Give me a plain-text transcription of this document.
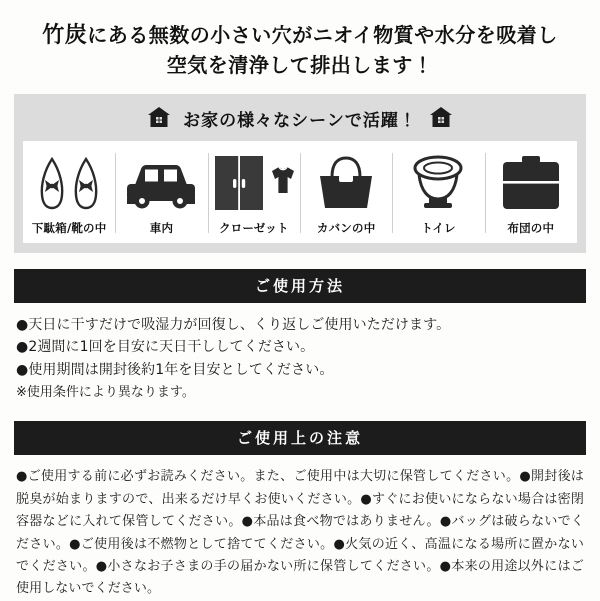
竹炭にある無数の小さい穴がニオイ物質や水分を吸着し
空気を清浄して排出します！
お家の様々なシーンで活躍！
下駄箱/靴の中	車内	クローゼット カバンの中	トイレ	布団の中
ご使用方法
●天日に干すだけで吸湿力が回復し、くり返しご使用いただけます。
●2週間に1回を目安に天日干ししてください。
●使用期間は開封後約1年を目安としてください。
※使用条件により異なります。
ご使用上の注意
●ご使用する前に必ずお読みください。また、ご使用中は大切に保管してください。●開封後は脱臭が始まりますので、出来るだけ早くお使いください。●すぐにお使いにならない場合は密閉容器などに入れて保管してください。●本品は食べ物ではありません。●バッグは破らないでください。●ご使用後は不燃物として捨ててください。●火気の近く、高温になる場所に置かないでください。●小さなお子さまの手の届かない所に保管してください。●本来の用途以外にはご使用しないでください。
